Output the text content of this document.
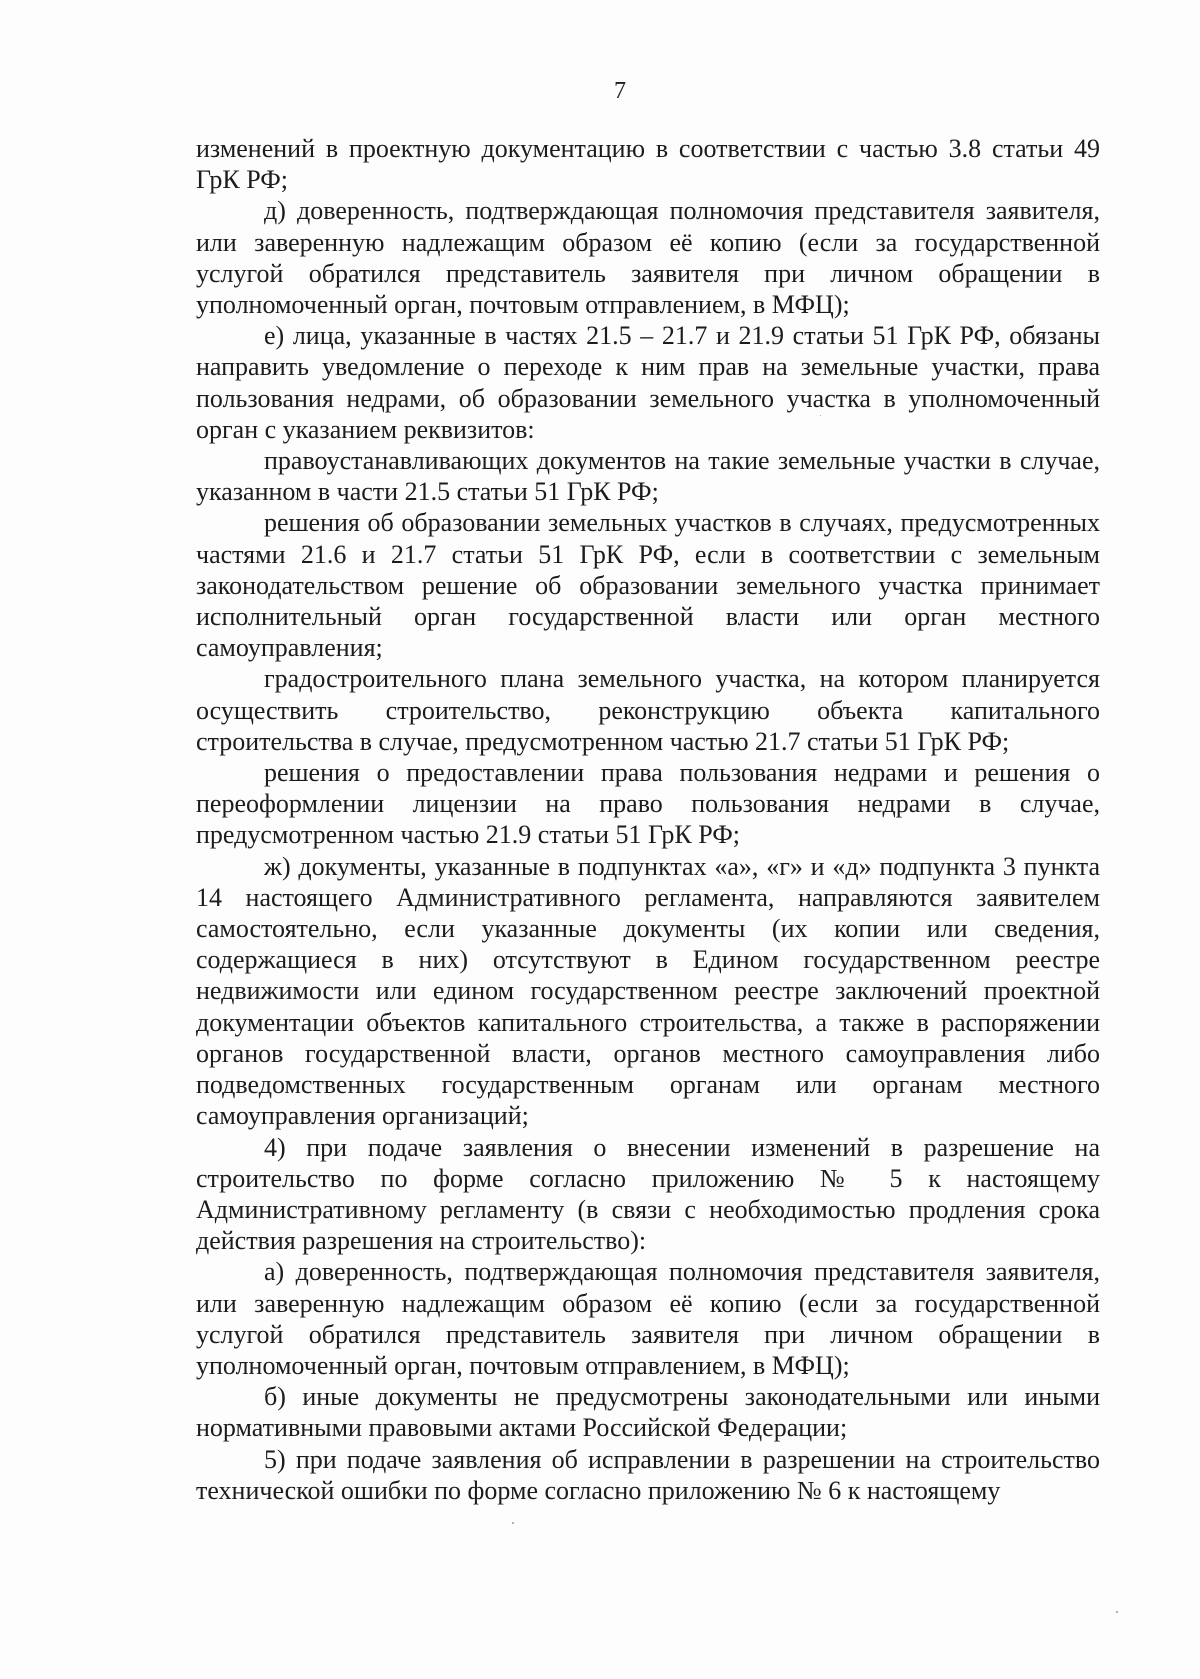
7

изменений в проектную документацию в соответствии с частью 3.8 статьи 49 ГрК РФ;

д) доверенность, подтверждающая полномочия представителя заявителя, или заверенную надлежащим образом её копию (если за государственной услугой обратился представитель заявителя при личном обращении в уполномоченный орган, почтовым отправлением, в МФЦ);

е) лица, указанные в частях 21.5 – 21.7 и 21.9 статьи 51 ГрК РФ, обязаны направить уведомление о переходе к ним прав на земельные участки, права пользования недрами, об образовании земельного участка в уполномоченный орган с указанием реквизитов:

правоустанавливающих документов на такие земельные участки в случае, указанном в части 21.5 статьи 51 ГрК РФ;

решения об образовании земельных участков в случаях, предусмотренных частями 21.6 и 21.7 статьи 51 ГрК РФ, если в соответствии с земельным законодательством решение об образовании земельного участка принимает исполнительный орган государственной власти или орган местного самоуправления;

градостроительного плана земельного участка, на котором планируется осуществить строительство, реконструкцию объекта капитального строительства в случае, предусмотренном частью 21.7 статьи 51 ГрК РФ;

решения о предоставлении права пользования недрами и решения о переоформлении лицензии на право пользования недрами в случае, предусмотренном частью 21.9 статьи 51 ГрК РФ;

ж) документы, указанные в подпунктах «а», «г» и «д» подпункта 3 пункта 14 настоящего Административного регламента, направляются заявителем самостоятельно, если указанные документы (их копии или сведения, содержащиеся в них) отсутствуют в Едином государственном реестре недвижимости или едином государственном реестре заключений проектной документации объектов капитального строительства, а также в распоряжении органов государственной власти, органов местного самоуправления либо подведомственных государственным органам или органам местного самоуправления организаций;

4) при подаче заявления о внесении изменений в разрешение на строительство по форме согласно приложению № 5 к настоящему Административному регламенту (в связи с необходимостью продления срока действия разрешения на строительство):

а) доверенность, подтверждающая полномочия представителя заявителя, или заверенную надлежащим образом её копию (если за государственной услугой обратился представитель заявителя при личном обращении в уполномоченный орган, почтовым отправлением, в МФЦ);

б) иные документы не предусмотрены законодательными или иными нормативными правовыми актами Российской Федерации;

5) при подаче заявления об исправлении в разрешении на строительство технической ошибки по форме согласно приложению № 6 к настоящему
